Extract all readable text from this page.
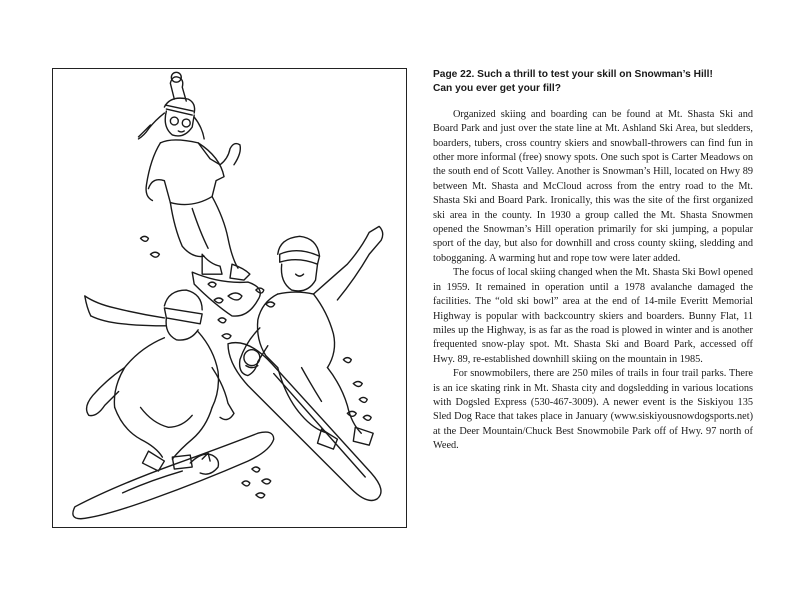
Page 22. Such a thrill to test your skill on Snowman’s Hill!
Can you ever get your fill?

Organized skiing and boarding can be found at Mt. Shasta Ski and Board Park and just over the state line at Mt. Ashland Ski Area, but sledders, boarders, tubers, cross country skiers and snowball-throwers can find fun in other more informal (free) snowy spots. One such spot is Carter Meadows on the south end of Scott Valley. Another is Snowman’s Hill, located on Hwy 89 between Mt. Shasta and McCloud across from the entry road to the Mt. Shasta Ski and Board Park. Ironically, this was the site of the first organized ski area in the county. In 1930 a group called the Mt. Shasta Snowmen opened the Snowman’s Hill operation primarily for ski jumping, a popular sport of the day, but also for downhill and cross county skiing, sledding and tobogganing. A warming hut and rope tow were later added.

The focus of local skiing changed when the Mt. Shasta Ski Bowl opened in 1959. It remained in operation until a 1978 avalanche damaged the facilities. The “old ski bowl” area at the end of 14-mile Everitt Memorial Highway is popular with backcountry skiers and boarders. Bunny Flat, 11 miles up the Highway, is as far as the road is plowed in winter and is another frequented snow-play spot. Mt. Shasta Ski and Board Park, accessed off Hwy. 89, re-established downhill skiing on the mountain in 1985.

For snowmobilers, there are 250 miles of trails in four trail parks. There is an ice skating rink in Mt. Shasta city and dogsledding in various locations with Dogsled Express (530-467-3009). A newer event is the Siskiyou 135 Sled Dog Race that takes place in January (www.siskiyousnowdogsports.net) at the Deer Mountain/Chuck Best Snowmobile Park off of Hwy. 97 north of Weed.
